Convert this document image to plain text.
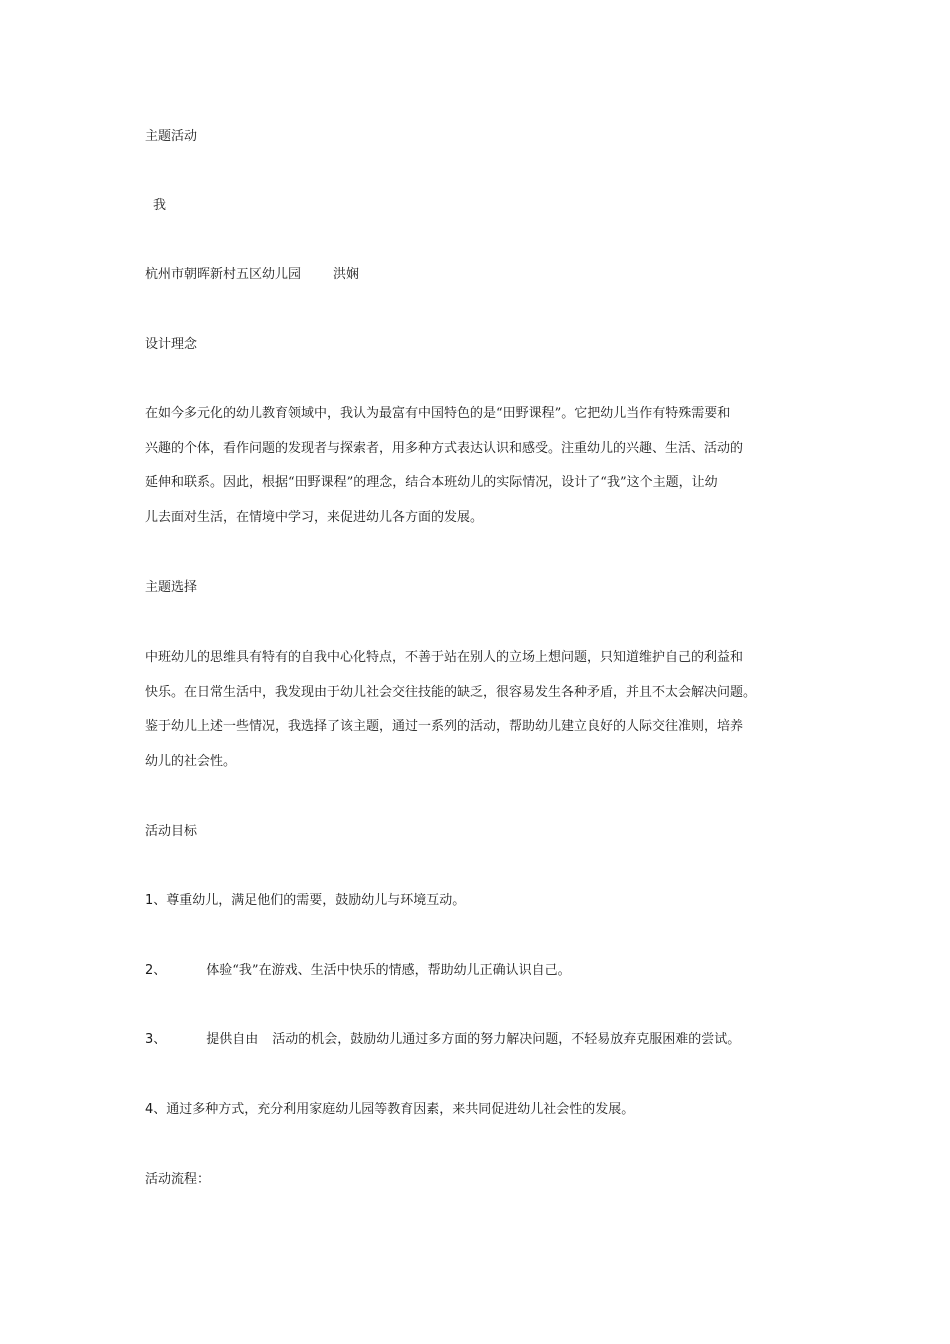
主题活动
我
杭州市朝晖新村五区幼儿园 洪娴
设计理念
在如今多元化的幼儿教育领域中，我认为最富有中国特色的是“田野课程”。它把幼儿当作有特殊需要和
兴趣的个体，看作问题的发现者与探索者，用多种方式表达认识和感受。注重幼儿的兴趣、生活、活动的
延伸和联系。因此，根据“田野课程”的理念，结合本班幼儿的实际情况，设计了“我”这个主题，让幼
儿去面对生活，在情境中学习，来促进幼儿各方面的发展。
主题选择
中班幼儿的思维具有特有的自我中心化特点，不善于站在别人的立场上想问题，只知道维护自己的利益和
快乐。在日常生活中，我发现由于幼儿社会交往技能的缺乏，很容易发生各种矛盾，并且不太会解决问题。
鉴于幼儿上述一些情况，我选择了该主题，通过一系列的活动，帮助幼儿建立良好的人际交往准则，培养
幼儿的社会性。
活动目标
1、尊重幼儿，满足他们的需要，鼓励幼儿与环境互动。
2、	体验“我”在游戏、生活中快乐的情感，帮助幼儿正确认识自己。
3、	提供自由 活动的机会，鼓励幼儿通过多方面的努力解决问题，不轻易放弃克服困难的尝试。
4、通过多种方式，充分利用家庭幼儿园等教育因素，来共同促进幼儿社会性的发展。
活动流程：
